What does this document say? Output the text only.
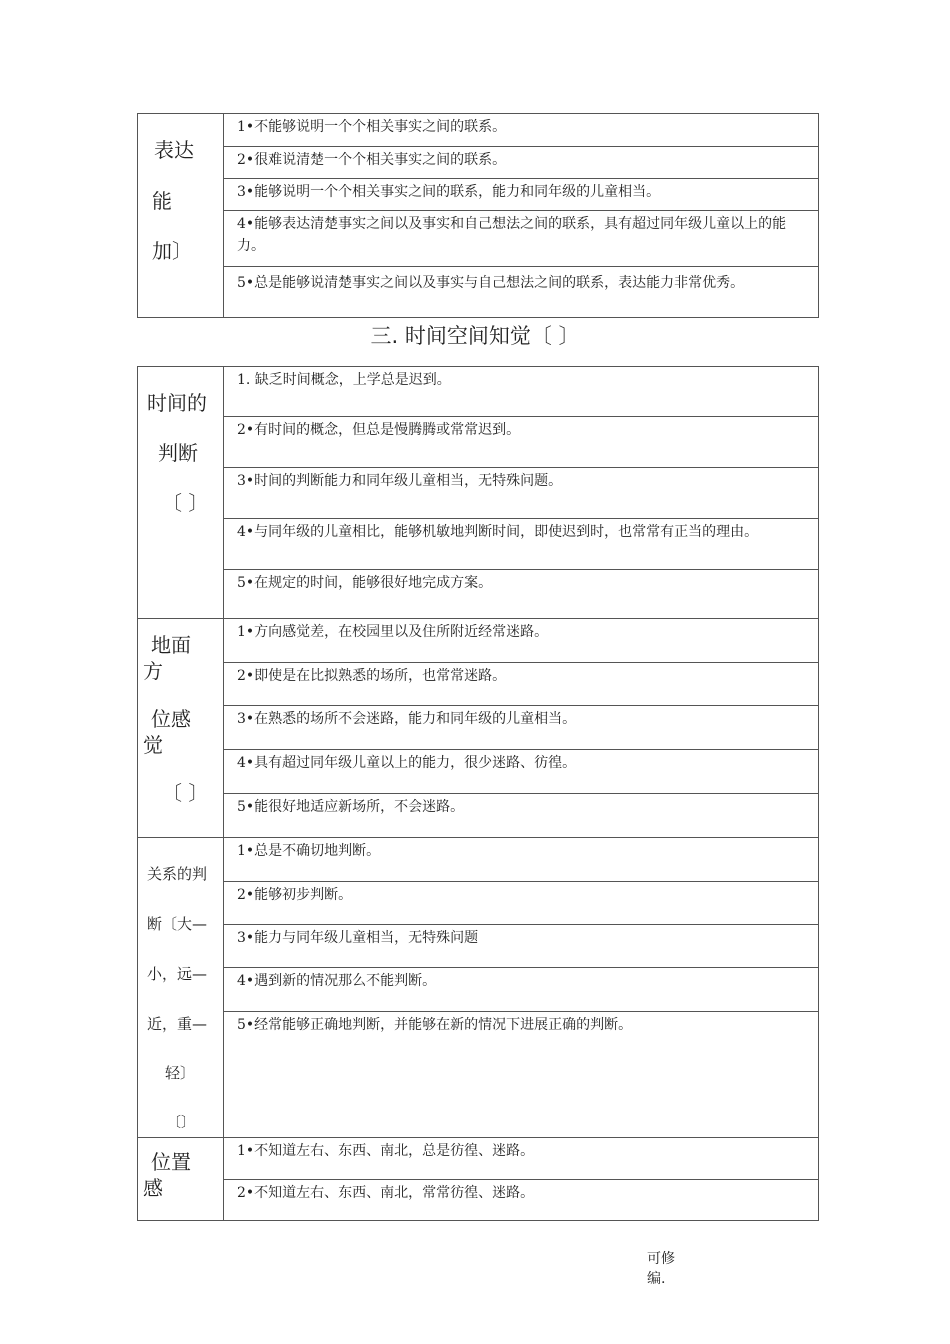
表达
能
加〕
1•不能够说明一个个相关事实之间的联系。
2•很难说清楚一个个相关事实之间的联系。
3•能够说明一个个相关事实之间的联系，能力和同年级的儿童相当。
4•能够表达清楚事实之间以及事实和自己想法之间的联系，具有超过同年级儿童以上的能力。
5•总是能够说清楚事实之间以及事实与自己想法之间的联系，表达能力非常优秀。
三. 时间空间知觉〔 〕
时间的
判断
〔 〕
1. 缺乏时间概念，上学总是迟到。
2•有时间的概念，但总是慢腾腾或常常迟到。
3•时间的判断能力和同年级儿童相当，无特殊问题。
4•与同年级的儿童相比，能够机敏地判断时间，即使迟到时，也常常有正当的理由。
5•在规定的时间，能够很好地完成方案。
地面
方
位感
觉
〔 〕
1•方向感觉差，在校园里以及住所附近经常迷路。
2•即使是在比拟熟悉的场所，也常常迷路。
3•在熟悉的场所不会迷路，能力和同年级的儿童相当。
4•具有超过同年级儿童以上的能力，很少迷路、彷徨。
5•能很好地适应新场所，不会迷路。
关系的判
断〔大—
小，远—
近，重—
轻〕
〔〕
1•总是不确切地判断。
2•能够初步判断。
3•能力与同年级儿童相当，无特殊问题
4•遇到新的情况那么不能判断。
5•经常能够正确地判断，并能够在新的情况下进展正确的判断。
位置
感
1•不知道左右、东西、南北，总是彷徨、迷路。
2•不知道左右、东西、南北，常常彷徨、迷路。
可修
编.
